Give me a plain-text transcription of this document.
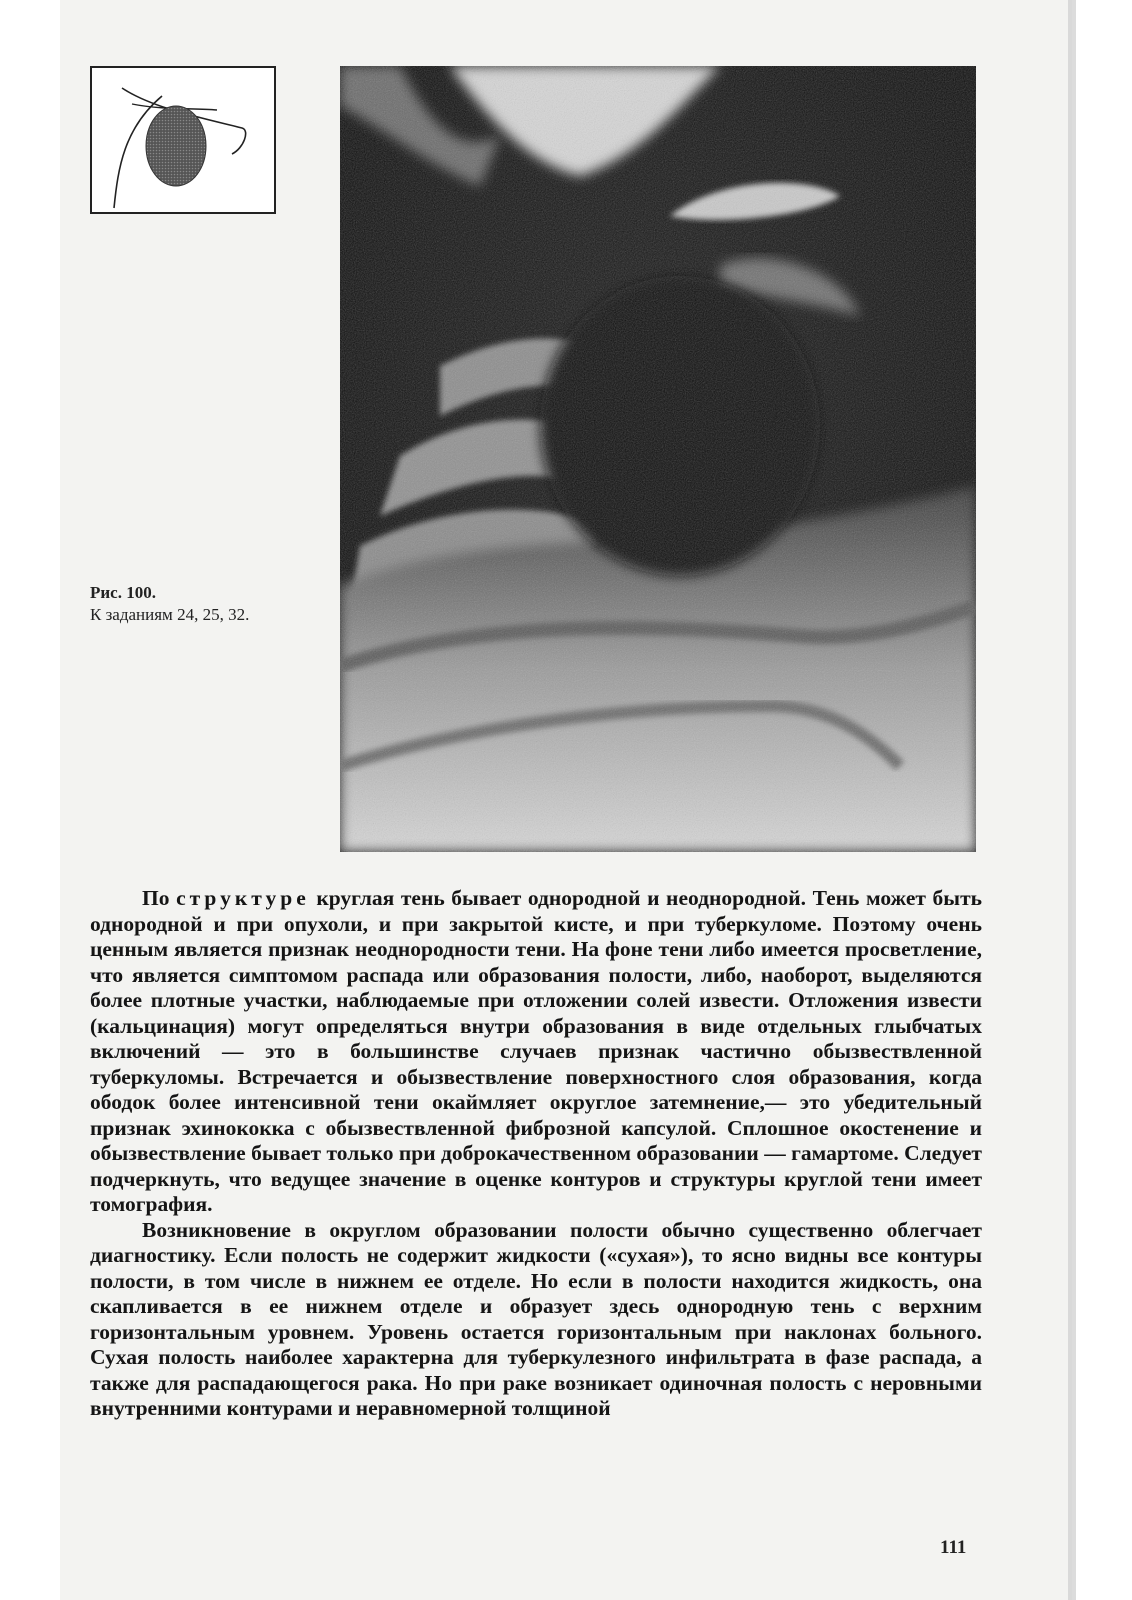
Рис. 100.
К заданиям 24, 25, 32.

По структуре круглая тень бывает однородной и неоднородной. Тень может быть однородной и при опухоли, и при закрытой кисте, и при туберкуломе. Поэтому очень ценным является признак неоднородности тени. На фоне тени либо имеется просветление, что является симптомом распада или образования полости, либо, наоборот, выделяются более плотные участки, наблюдаемые при отложении солей извести. Отложения извести (кальцинация) могут определяться внутри образования в виде отдельных глыбчатых включений — это в большинстве случаев признак частично обызвествленной туберкуломы. Встречается и обызвествление поверхностного слоя образования, когда ободок более интенсивной тени окаймляет округлое затемнение,— это убедительный признак эхинококка с обызвествленной фиброзной капсулой. Сплошное окостенение и обызвествление бывает только при доброкачественном образовании — гамартоме. Следует подчеркнуть, что ведущее значение в оценке контуров и структуры круглой тени имеет томография.

Возникновение в округлом образовании полости обычно существенно облегчает диагностику. Если полость не содержит жидкости («сухая»), то ясно видны все контуры полости, в том числе в нижнем ее отделе. Но если в полости находится жидкость, она скапливается в ее нижнем отделе и образует здесь однородную тень с верхним горизонтальным уровнем. Уровень остается горизонтальным при наклонах больного. Сухая полость наиболее характерна для туберкулезного инфильтрата в фазе распада, а также для распадающегося рака. Но при раке возникает одиночная полость с неровными внутренними контурами и неравномерной толщиной

111
